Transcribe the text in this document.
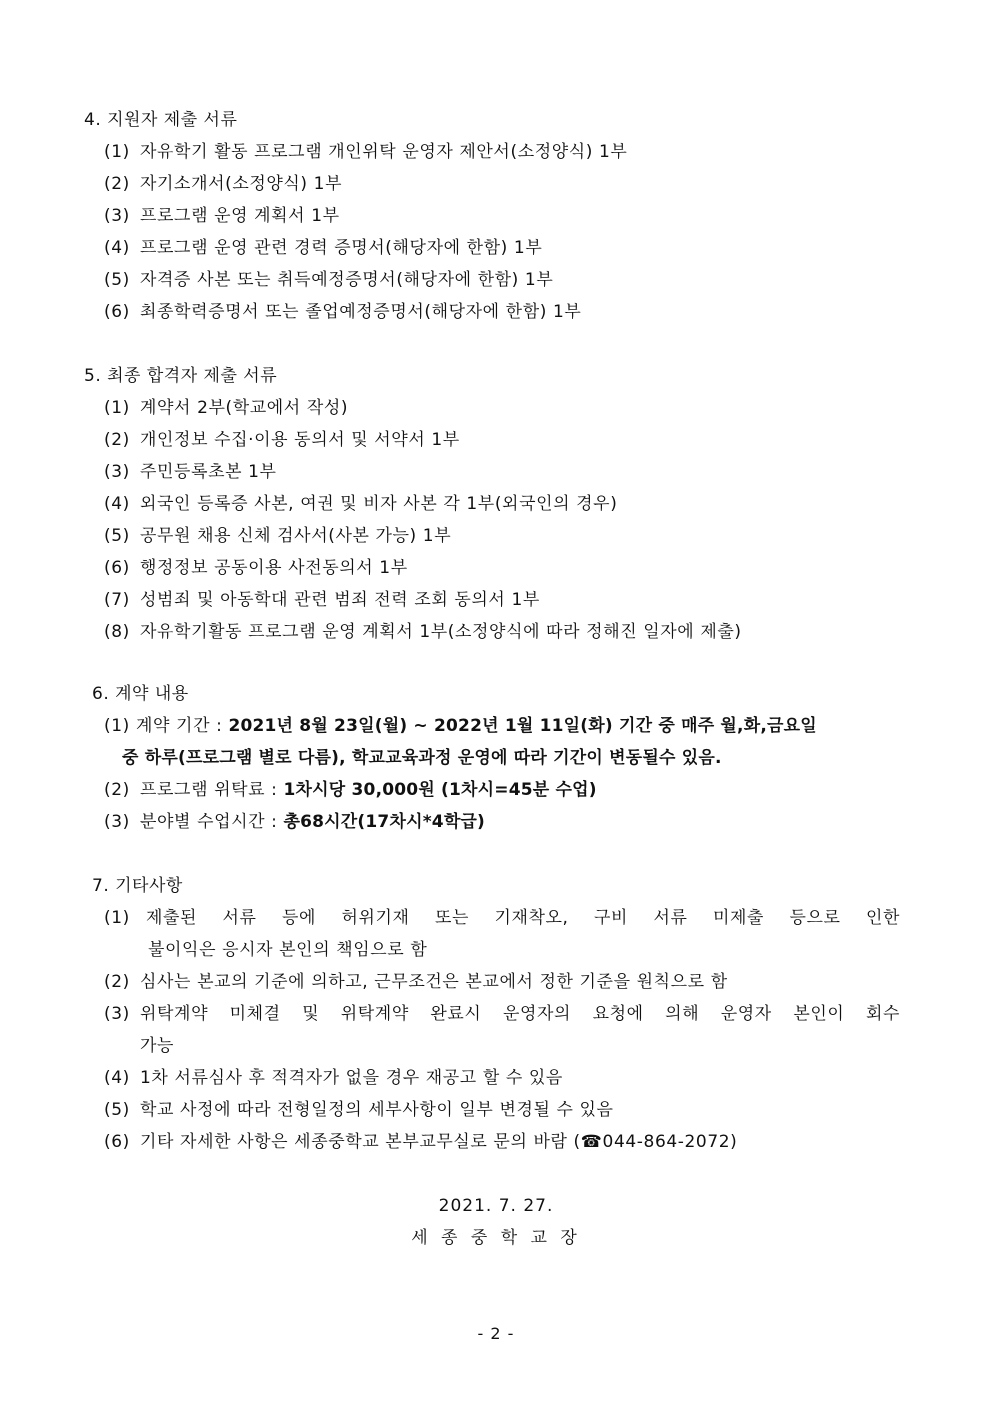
4. 지원자 제출 서류
(1) 자유학기 활동 프로그램 개인위탁 운영자 제안서(소정양식) 1부
(2) 자기소개서(소정양식) 1부
(3) 프로그램 운영 계획서 1부
(4) 프로그램 운영 관련 경력 증명서(해당자에 한함) 1부
(5) 자격증 사본 또는 취득예정증명서(해당자에 한함) 1부
(6) 최종학력증명서 또는 졸업예정증명서(해당자에 한함) 1부
5. 최종 합격자 제출 서류
(1) 계약서 2부(학교에서 작성)
(2) 개인정보 수집·이용 동의서 및 서약서 1부
(3) 주민등록초본 1부
(4) 외국인 등록증 사본, 여권 및 비자 사본 각 1부(외국인의 경우)
(5) 공무원 채용 신체 검사서(사본 가능) 1부
(6) 행정정보 공동이용 사전동의서 1부
(7) 성범죄 및 아동학대 관련 범죄 전력 조회 동의서 1부
(8) 자유학기활동 프로그램 운영 계획서 1부(소정양식에 따라 정해진 일자에 제출)
6. 계약 내용
(1) 계약 기간 : 2021년 8월 23일(월) ~ 2022년 1월 11일(화) 기간 중 매주 월,화,금요일
중 하루(프로그램 별로 다름), 학교교육과정 운영에 따라 기간이 변동될수 있음.
(2) 프로그램 위탁료 : 1차시당 30,000원 (1차시=45분 수업)
(3) 분야별 수업시간 : 총68시간(17차시*4학급)
7. 기타사항
(1) 제출된 서류 등에 허위기재 또는 기재착오, 구비 서류 미제출 등으로 인한
불이익은 응시자 본인의 책임으로 함
(2) 심사는 본교의 기준에 의하고, 근무조건은 본교에서 정한 기준을 원칙으로 함
(3) 위탁계약 미체결 및 위탁계약 완료시 운영자의 요청에 의해 운영자 본인이 회수
가능
(4) 1차 서류심사 후 적격자가 없을 경우 재공고 할 수 있음
(5) 학교 사정에 따라 전형일정의 세부사항이 일부 변경될 수 있음
(6) 기타 자세한 사항은 세종중학교 본부교무실로 문의 바람 (☎044-864-2072)
2021. 7. 27.
세 종 중 학 교 장
- 2 -
